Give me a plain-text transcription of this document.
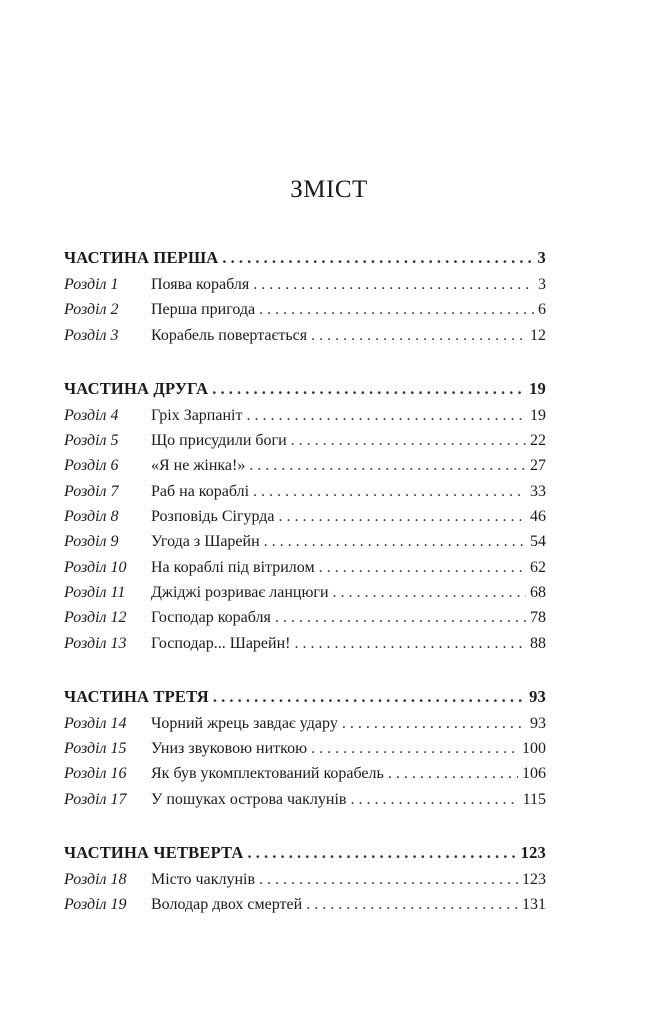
ЗМІСТ
ЧАСТИНА ПЕРША . . .	3
Розділ 1	Поява корабля . . .	3
Розділ 2	Перша пригода . . .	6
Розділ 3	Корабель повертається . . .	12
ЧАСТИНА ДРУГА . . .	19
Розділ 4	Гріх Зарпаніт . . .	19
Розділ 5	Що присудили боги . . .	22
Розділ 6	«Я не жінка!» . . .	27
Розділ 7	Раб на кораблі . . .	33
Розділ 8	Розповідь Сігурда . . .	46
Розділ 9	Угода з Шарейн . . .	54
Розділ 10	На кораблі під вітрилом . . .	62
Розділ 11	Джіджі розриває ланцюги . . .	68
Розділ 12	Господар корабля . . .	78
Розділ 13	Господар... Шарейн! . . .	88
ЧАСТИНА ТРЕТЯ . . .	93
Розділ 14	Чорний жрець завдає удару . . .	93
Розділ 15	Униз звуковою ниткою . . .	100
Розділ 16	Як був укомплектований корабель . . .	106
Розділ 17	У пошуках острова чаклунів . . .	115
ЧАСТИНА ЧЕТВЕРТА . . .	123
Розділ 18	Місто чаклунів . . .	123
Розділ 19	Володар двох смертей . . .	131
